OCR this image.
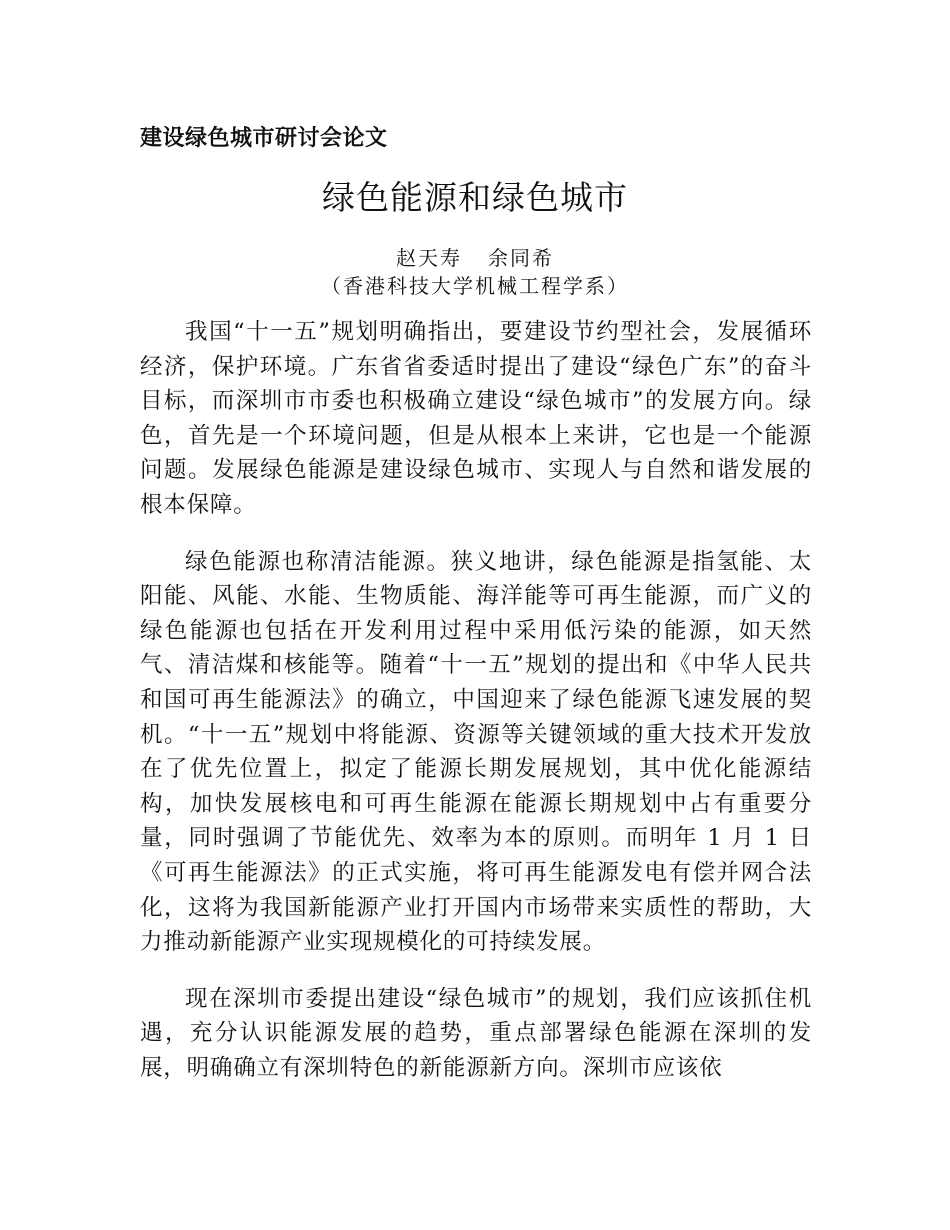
建设绿色城市研讨会论文
绿色能源和绿色城市
赵天寿 余同希
（香港科技大学机械工程学系）

我国“十一五”规划明确指出，要建设节约型社会，发展循环经济，保护环境。广东省省委适时提出了建设“绿色广东”的奋斗目标，而深圳市市委也积极确立建设“绿色城市”的发展方向。绿色，首先是一个环境问题，但是从根本上来讲，它也是一个能源问题。发展绿色能源是建设绿色城市、实现人与自然和谐发展的根本保障。

绿色能源也称清洁能源。狭义地讲，绿色能源是指氢能、太阳能、风能、水能、生物质能、海洋能等可再生能源，而广义的绿色能源也包括在开发利用过程中采用低污染的能源，如天然气、清洁煤和核能等。随着“十一五”规划的提出和《中华人民共和国可再生能源法》的确立，中国迎来了绿色能源飞速发展的契机。“十一五”规划中将能源、资源等关键领域的重大技术开发放在了优先位置上，拟定了能源长期发展规划，其中优化能源结构，加快发展核电和可再生能源在能源长期规划中占有重要分量，同时强调了节能优先、效率为本的原则。而明年 1 月 1 日《可再生能源法》的正式实施，将可再生能源发电有偿并网合法化，这将为我国新能源产业打开国内市场带来实质性的帮助，大力推动新能源产业实现规模化的可持续发展。

现在深圳市委提出建设“绿色城市”的规划，我们应该抓住机遇，充分认识能源发展的趋势，重点部署绿色能源在深圳的发展，明确确立有深圳特色的新能源新方向。深圳市应该依
